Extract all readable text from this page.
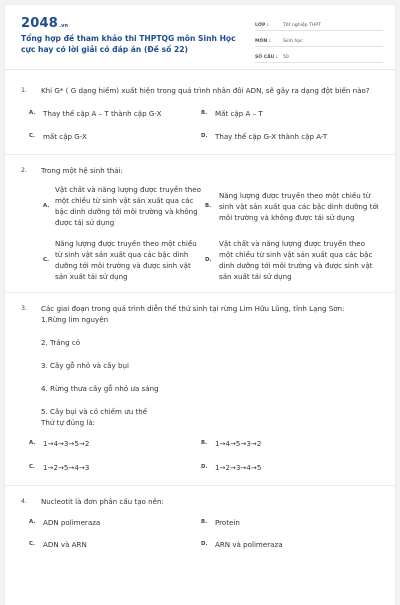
2048.vn
Tổng hợp đề tham khảo thi THPTQG môn Sinh Học cực hay có lời giải có đáp án (Đề số 22)
LỚP :	Tốt nghiệp THPT
MÔN :	Sinh học
SỐ CÂU :	50
1.	Khi G* ( G dạng hiếm) xuất hiện trong quá trình nhân đôi ADN, sẽ gây ra dạng đột biến nào?
A.	Thay thế cặp A – T thành cặp G-X	B.	Mất cặp A – T
C.	mất cặp G-X	D.	Thay thế cặp G-X thành cặp A-T
2.	Trong một hệ sinh thái:
A.
Vật chất và năng lượng được truyền theo một chiều từ sinh vật sản xuất qua các bậc dinh dưỡng tới môi trường và không được tái sử dụng
B.
Năng lượng được truyền theo một chiều từ sinh vật sản xuất qua các bậc dinh dưỡng tới môi trường và không được tái sử dụng
C.
Năng lượng được truyền theo một chiều từ sinh vật sản xuất qua các bậc dinh dưỡng tới môi trường và được sinh vật sản xuất tái sử dụng
D.
Vật chất và năng lượng được truyền theo một chiều từ sinh vật sản xuất qua các bậc dinh dưỡng tới môi trường và được sinh vật sản xuất tái sử dụng
3.	Các giai đoạn trong quá trình diễn thế thứ sinh tại rừng Lim Hữu Lũng, tỉnh Lạng Sơn:
1.Rừng lim nguyên
2. Trảng cỏ
3. Cây gỗ nhỏ và cây bụi
4. Rừng thưa cây gỗ nhỏ ưa sáng
5. Cây bụi và cỏ chiếm ưu thế
Thứ tự đúng là:
A.	1→4→3→5→2	B.	1→4→5→3→2
C.	1→2→5→4→3	D.	1→2→3→4→5
4.	Nucleotit là đơn phân cấu tạo nên:
A.	ADN polimeraza	B.	Protein
C.	ADN và ARN	D.	ARN và polimeraza
